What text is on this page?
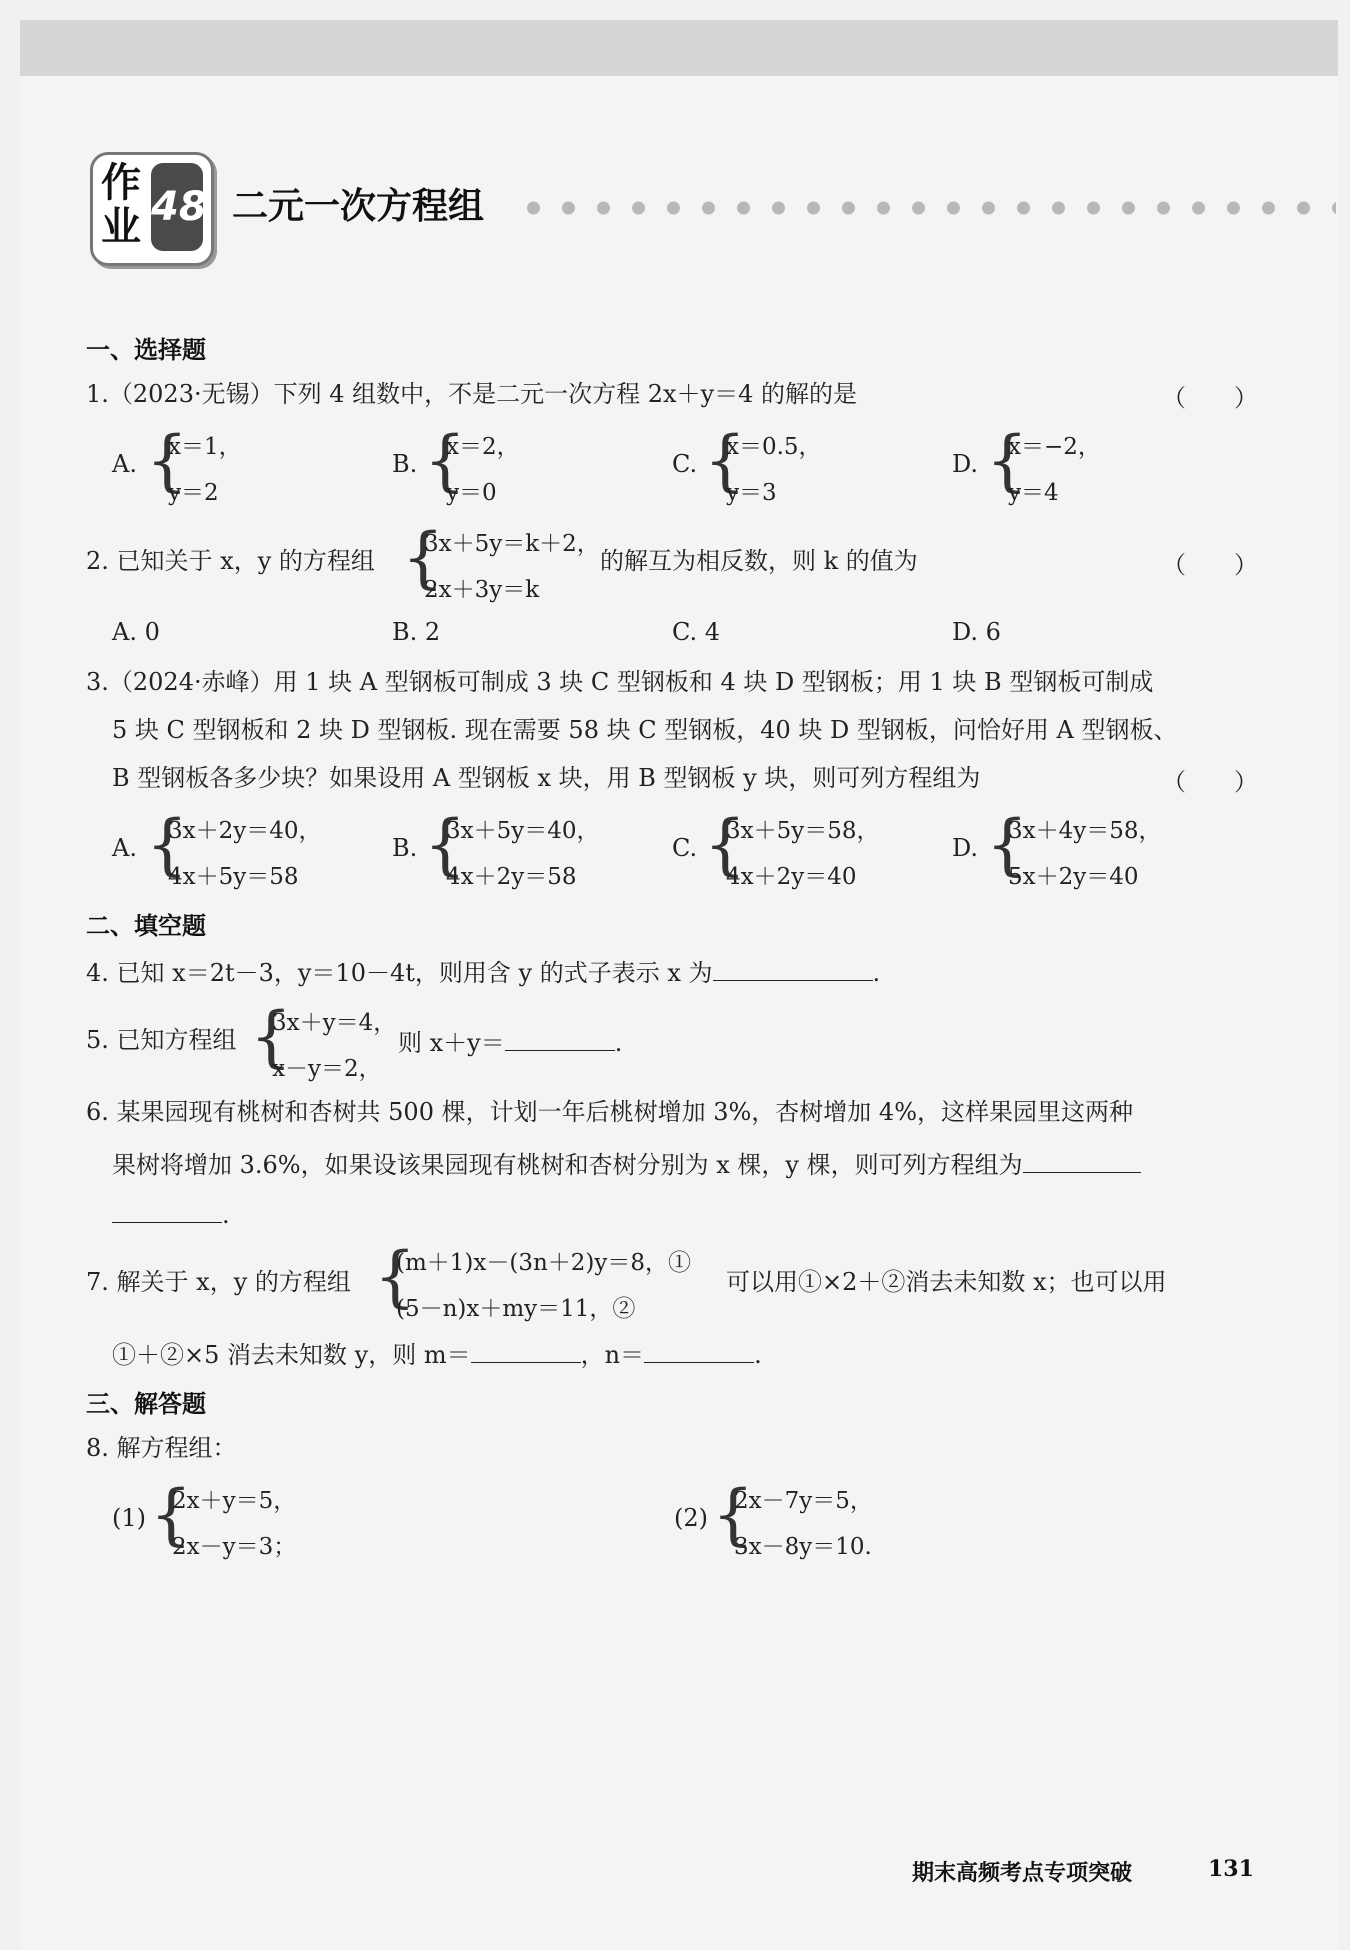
作
业 48 二元一次方程组
一、选择题
1.（2023·无锡）下列 4 组数中，不是二元一次方程 2x＋y＝4 的解的是	（　　）
A. {
x＝1，
y＝2
B. {
x＝2，
y＝0
C. {
x＝0.5，
y＝3
D. {
x＝−2，
y＝4
2. 已知关于 x，y 的方程组 {
3x＋5y＝k＋2，
2x＋3y＝k
的解互为相反数，则 k 的值为	（　　）
A. 0	B. 2	C. 4	D. 6
3.（2024·赤峰）用 1 块 A 型钢板可制成 3 块 C 型钢板和 4 块 D 型钢板；用 1 块 B 型钢板可制成
5 块 C 型钢板和 2 块 D 型钢板. 现在需要 58 块 C 型钢板，40 块 D 型钢板，问恰好用 A 型钢板、
B 型钢板各多少块？如果设用 A 型钢板 x 块，用 B 型钢板 y 块，则可列方程组为	（　　）
A. {
3x＋2y＝40，
4x＋5y＝58
B. {
3x＋5y＝40，
4x＋2y＝58
C. {
3x＋5y＝58，
4x＋2y＝40
D. {
3x＋4y＝58，
5x＋2y＝40
二、填空题
4. 已知 x＝2t－3，y＝10－4t，则用含 y 的式子表示 x 为	.
5. 已知方程组 {
3x＋y＝4，
x－y＝2，
则 x＋y＝	.
6. 某果园现有桃树和杏树共 500 棵，计划一年后桃树增加 3%，杏树增加 4%，这样果园里这两种
果树将增加 3.6%，如果设该果园现有桃树和杏树分别为 x 棵，y 棵，则可列方程组为
.
7. 解关于 x，y 的方程组 {
(m＋1)x－(3n＋2)y＝8，①
(5－n)x＋my＝11，②
可以用①×2＋②消去未知数 x；也可以用
①＋②×5 消去未知数 y，则 m＝	，n＝	.
三、解答题
8. 解方程组：
(1) {
2x＋y＝5，
2x－y＝3；
(2) {
2x－7y＝5，
3x－8y＝10.
期末高频考点专项突破	131
